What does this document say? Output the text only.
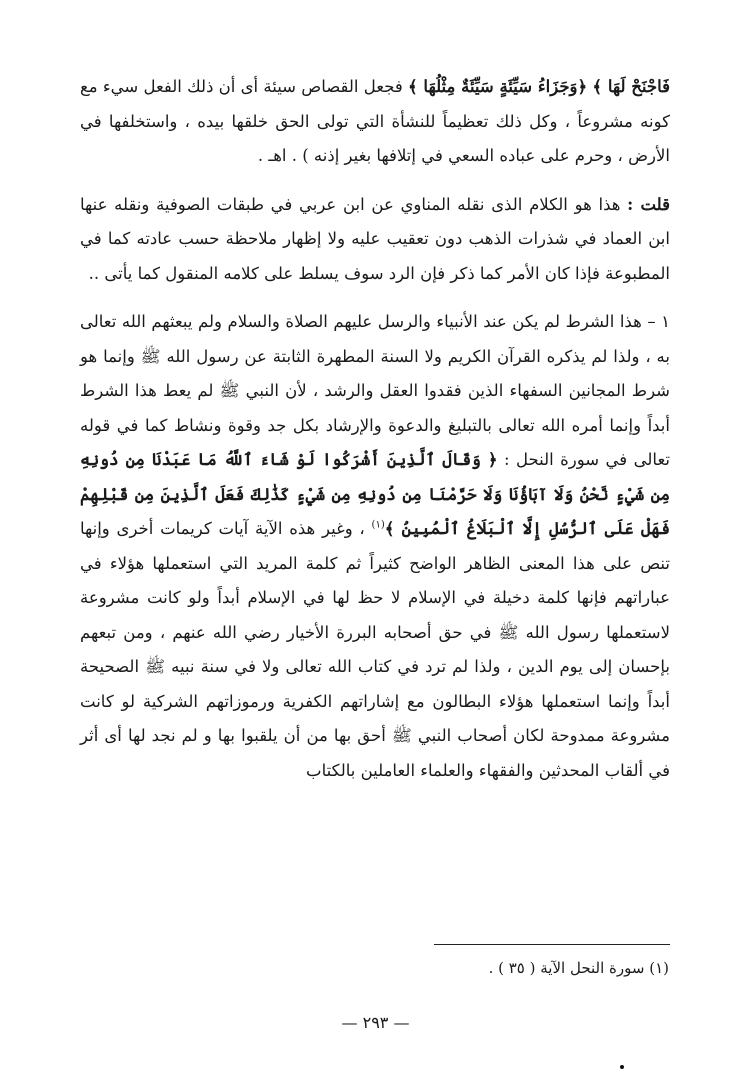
فَاجْنَحْ لَهَا ﴾ ﴿وَجَزَاءُ سَيِّئَةٍ سَيِّئَةٌ مِثْلُهَا ﴾ فجعل القصاص سيئة أى أن ذلك الفعل سيء مع كونه مشروعاً ، وكل ذلك تعظيماً للنشأة التي تولى الحق خلقها بيده ، واستخلفها في الأرض ، وحرم على عباده السعي في إتلافها بغير إذنه ) . اهـ .

قلت : هذا هو الكلام الذى نقله المناوي عن ابن عربي في طبقات الصوفية ونقله عنها ابن العماد في شذرات الذهب دون تعقيب عليه ولا إظهار ملاحظة حسب عادته كما في المطبوعة فإذا كان الأمر كما ذكر فإن الرد سوف يسلط على كلامه المنقول كما يأتى ..

١ – هذا الشرط لم يكن عند الأنبياء والرسل عليهم الصلاة والسلام ولم يبعثهم الله تعالى به ، ولذا لم يذكره القرآن الكريم ولا السنة المطهرة الثابتة عن رسول الله ﷺ وإنما هو شرط المجانين السفهاء الذين فقدوا العقل والرشد ، لأن النبي ﷺ لم يعط هذا الشرط أبداً وإنما أمره الله تعالى بالتبليغ والدعوة والإرشاد بكل جد وقوة ونشاط كما في قوله تعالى في سورة النحل : ﴿ وَقَالَ ٱلَّذِينَ أَشْرَكُوا لَوْ شَاءَ ٱللَّهُ مَا عَبَدْنَا مِن دُونِهِ مِن شَيْءٍ نَّحْنُ وَلَا آبَاؤُنَا وَلَا حَرَّمْنَا مِن دُونِهِ مِن شَيْءٍ كَذَٰلِكَ فَعَلَ ٱلَّذِينَ مِن قَبْلِهِمْ فَهَلْ عَلَى ٱلرُّسُلِ إِلَّا ٱلْبَلَاغُ ٱلْمُبِينُ ﴾$^{(١)}$ ، وغير هذه الآية آيات كريمات أخرى وإنها تنص على هذا المعنى الظاهر الواضح كثيراً ثم كلمة المريد التي استعملها هؤلاء في عباراتهم فإنها كلمة دخيلة في الإسلام لا حظ لها في الإسلام أبداً ولو كانت مشروعة لاستعملها رسول الله ﷺ في حق أصحابه البررة الأخيار رضي الله عنهم ، ومن تبعهم بإحسان إلى يوم الدين ، ولذا لم ترد في كتاب الله تعالى ولا في سنة نبيه ﷺ الصحيحة أبداً وإنما استعملها هؤلاء البطالون مع إشاراتهم الكفرية ورموزاتهم الشركية لو كانت مشروعة ممدوحة لكان أصحاب النبي ﷺ أحق بها من أن يلقبوا بها و لم نجد لها أى أثر في ألقاب المحدثين والفقهاء والعلماء العاملين بالكتاب

(١) سورة النحل الآية ( ٣٥ ) .

— ٢٩٣ —
